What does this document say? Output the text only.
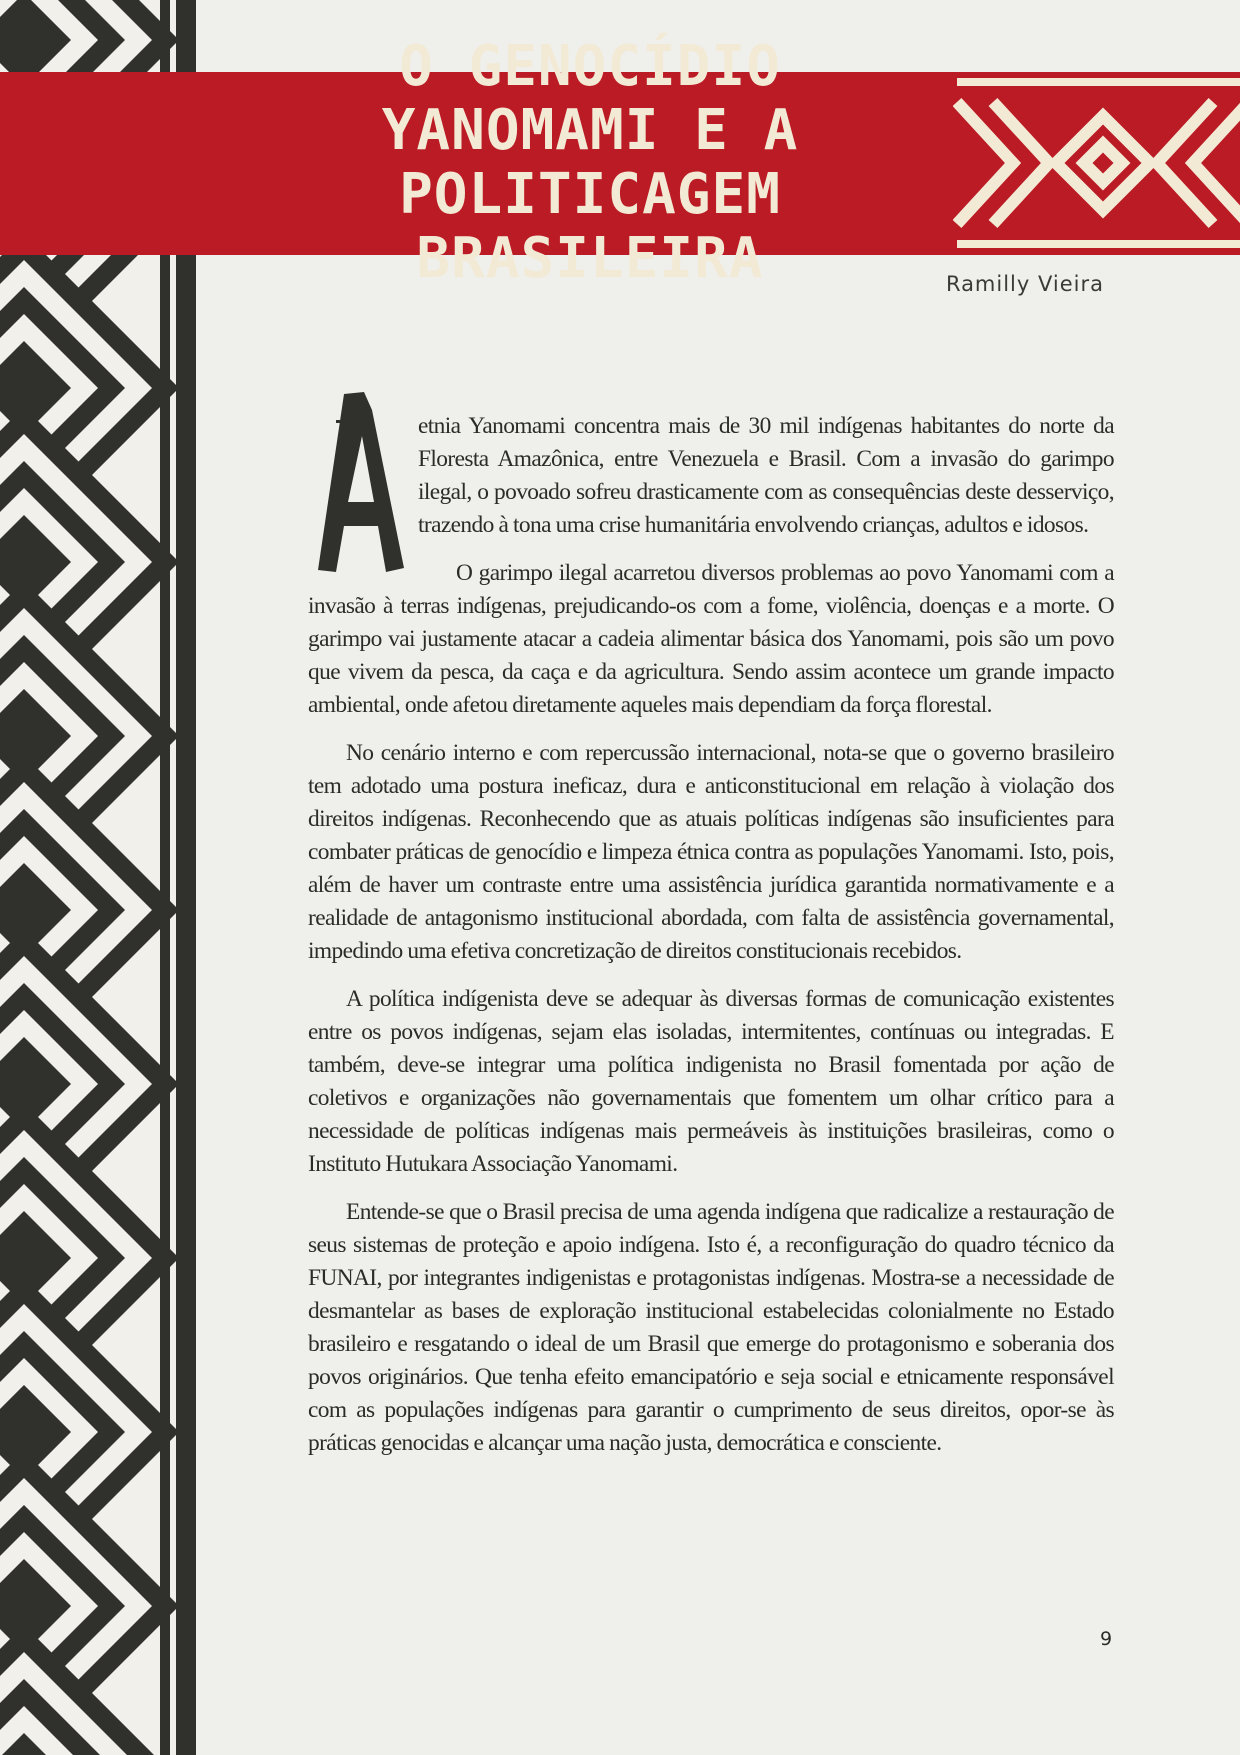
O GENOCÍDIO YANOMAMI E A
POLITICAGEM BRASILEIRA	Ramilly Vieira

etnia Yanomami concentra mais de 30 mil indígenas habitantes do norte da Floresta Amazônica, entre Venezuela e Brasil. Com a invasão do garimpo ilegal, o povoado sofreu drasticamente com as consequências deste desserviço, trazendo à tona uma crise humanitária envolvendo crianças, adultos e idosos.

O garimpo ilegal acarretou diversos problemas ao povo Yanomami com a invasão à terras indígenas, prejudicando-os com a fome, violência, doenças e a morte. O garimpo vai justamente atacar a cadeia alimentar básica dos Yanomami, pois são um povo que vivem da pesca, da caça e da agricultura. Sendo assim acontece um grande impacto ambiental, onde afetou diretamente aqueles mais dependiam da força florestal.

No cenário interno e com repercussão internacional, nota-se que o governo brasileiro tem adotado uma postura ineficaz, dura e anticonstitucional em relação à violação dos direitos indígenas. Reconhecendo que as atuais políticas indígenas são insuficientes para combater práticas de genocídio e limpeza étnica contra as populações Yanomami. Isto, pois, além de haver um contraste entre uma assistência jurídica garantida normativamente e a realidade de antagonismo institucional abordada, com falta de assistência governamental, impedindo uma efetiva concretização de direitos constitucionais recebidos.

A política indígenista deve se adequar às diversas formas de comunicação existentes entre os povos indígenas, sejam elas isoladas, intermitentes, contínuas ou integradas. E também, deve-se integrar uma política indigenista no Brasil fomentada por ação de coletivos e organizações não governamentais que fomentem um olhar crítico para a necessidade de políticas indígenas mais permeáveis às instituições brasileiras, como o Instituto Hutukara Associação Yanomami.

Entende-se que o Brasil precisa de uma agenda indígena que radicalize a restauração de seus sistemas de proteção e apoio indígena. Isto é, a reconfiguração do quadro técnico da FUNAI, por integrantes indigenistas e protagonistas indígenas. Mostra-se a necessidade de desmantelar as bases de exploração institucional estabelecidas colonialmente no Estado brasileiro e resgatando o ideal de um Brasil que emerge do protagonismo e soberania dos povos originários. Que tenha efeito emancipatório e seja social e etnicamente responsável com as populações indígenas para garantir o cumprimento de seus direitos, opor-se às práticas genocidas e alcançar uma nação justa, democrática e consciente.

9
